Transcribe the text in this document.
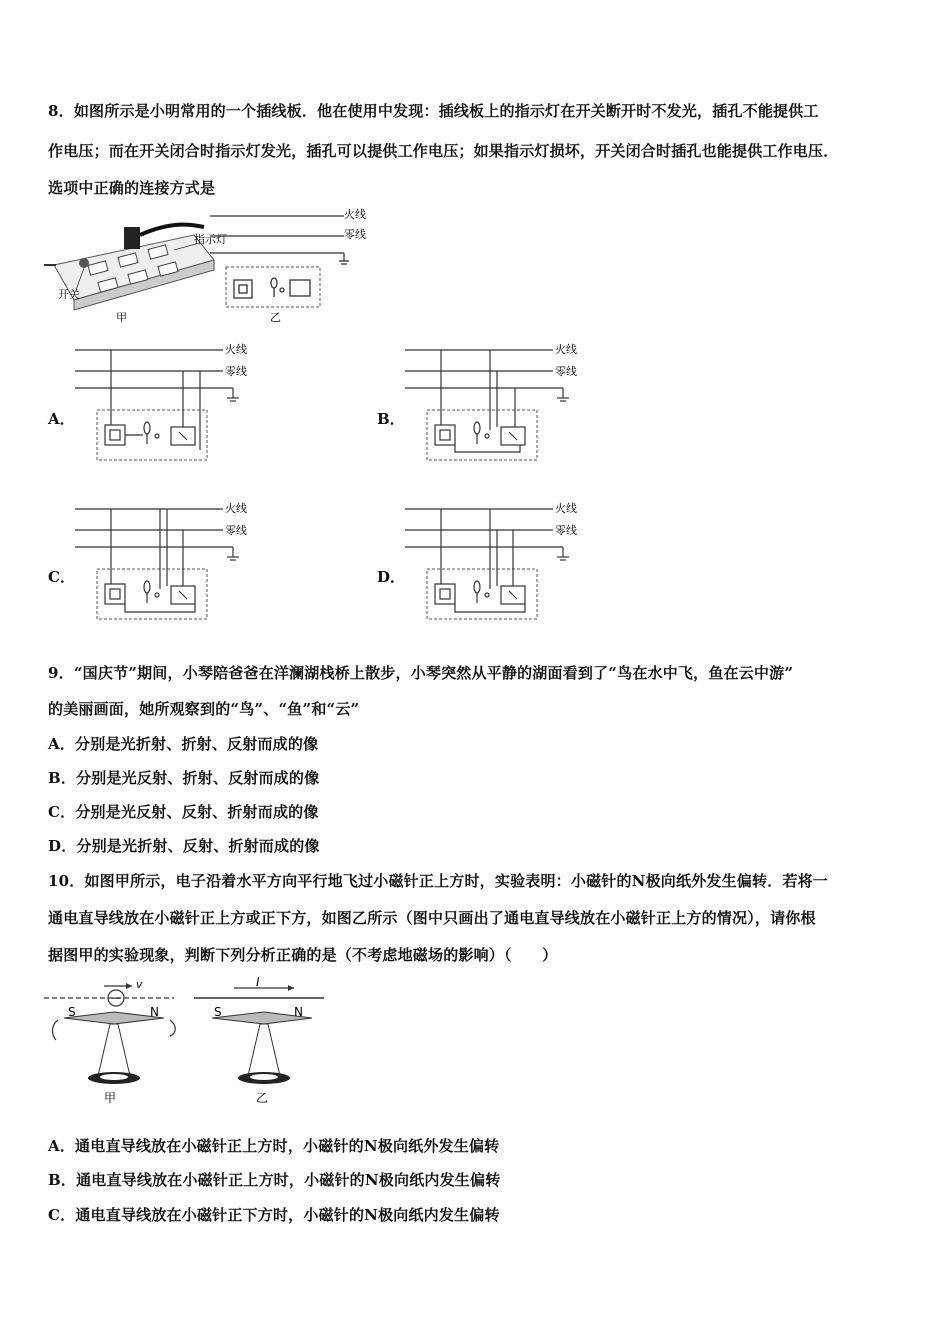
8．如图所示是小明常用的一个插线板．他在使用中发现：插线板上的指示灯在开关断开时不发光，插孔不能提供工
作电压；而在开关闭合时指示灯发光，插孔可以提供工作电压；如果指示灯损坏，开关闭合时插孔也能提供工作电压．
选项中正确的连接方式是
指示灯
开关
甲
火线
零线
乙
A．	B．
C．	D．
火线
零线
火线
零线
火线
零线
火线
零线
9．“国庆节”期间，小琴陪爸爸在洋澜湖栈桥上散步，小琴突然从平静的湖面看到了“鸟在水中飞，鱼在云中游”
的美丽画面，她所观察到的“鸟”、“鱼”和“云”
A．分别是光折射、折射、反射而成的像
B．分别是光反射、折射、反射而成的像
C．分别是光反射、反射、折射而成的像
D．分别是光折射、反射、折射而成的像
10．如图甲所示，电子沿着水平方向平行地飞过小磁针正上方时，实验表明：小磁针的N极向纸外发生偏转．若将一
通电直导线放在小磁针正上方或正下方，如图乙所示（图中只画出了通电直导线放在小磁针正上方的情况），请你根
据图甲的实验现象，判断下列分析正确的是（不考虑地磁场的影响）（　　）
−
v
S	N
甲
I
S	N
乙
A．通电直导线放在小磁针正上方时，小磁针的N极向纸外发生偏转
B．通电直导线放在小磁针正上方时，小磁针的N极向纸内发生偏转
C．通电直导线放在小磁针正下方时，小磁针的N极向纸内发生偏转
